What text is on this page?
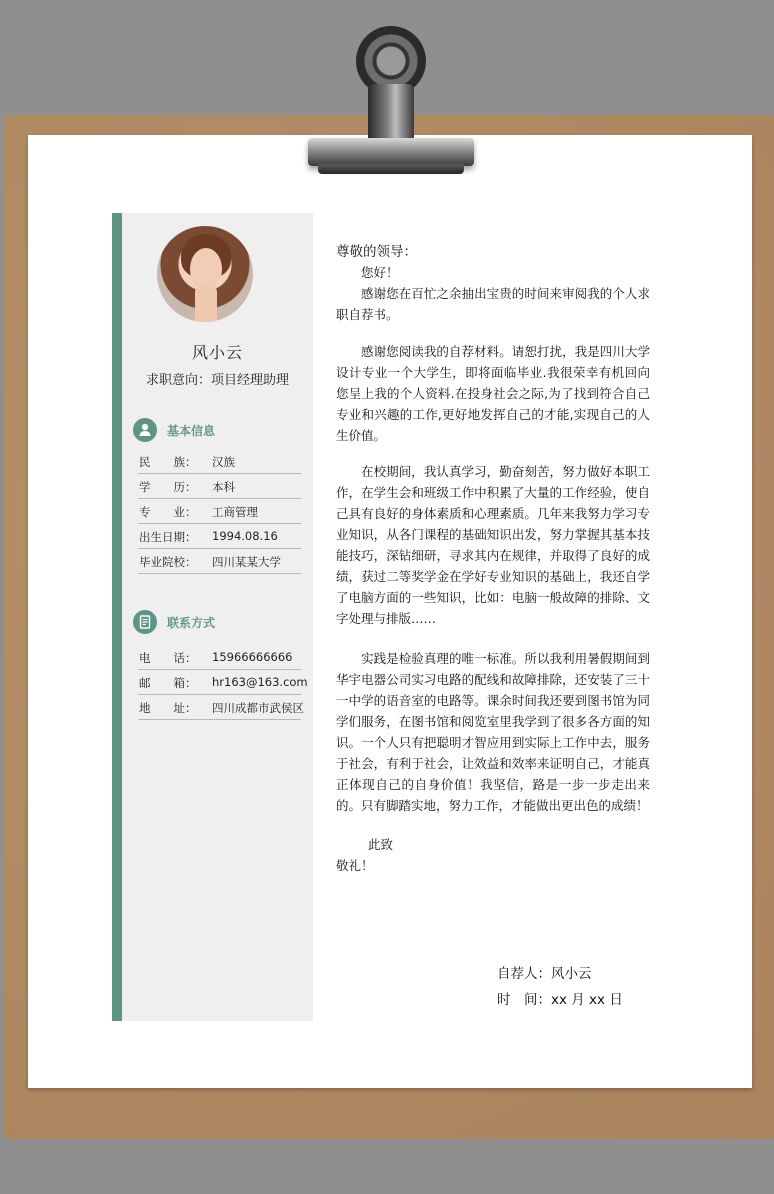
风小云
求职意向：项目经理助理
基本信息
民　　族： 汉族
学　　历： 本科
专　　业： 工商管理
出生日期： 1994.08.16
毕业院校： 四川某某大学
联系方式
电　　话： 15966666666
邮　　箱： hr163@163.com
地　　址： 四川成都市武侯区
尊敬的领导：
您好！
感谢您在百忙之余抽出宝贵的时间来审阅我的个人求职自荐书。
感谢您阅读我的自荐材料。请恕打扰，我是四川大学设计专业一个大学生，即将面临毕业.我很荣幸有机回向您呈上我的个人资料.在投身社会之际,为了找到符合自己专业和兴趣的工作,更好地发挥自己的才能,实现自己的人生价值。
在校期间，我认真学习，勤奋刻苦，努力做好本职工作，在学生会和班级工作中积累了大量的工作经验，使自己具有良好的身体素质和心理素质。几年来我努力学习专业知识，从各门课程的基础知识出发，努力掌握其基本技能技巧，深钻细研，寻求其内在规律，并取得了良好的成绩，获过二等奖学金在学好专业知识的基础上，我还自学了电脑方面的一些知识，比如：电脑一般故障的排除、文字处理与排版……
实践是检验真理的唯一标准。所以我利用暑假期间到华宇电器公司实习电路的配线和故障排除，还安装了三十一中学的语音室的电路等。课余时间我还要到图书馆为同学们服务，在图书馆和阅览室里我学到了很多各方面的知识。一个人只有把聪明才智应用到实际上工作中去，服务于社会，有利于社会，让效益和效率来证明自己，才能真正体现自己的自身价值！我坚信，路是一步一步走出来的。只有脚踏实地，努力工作，才能做出更出色的成绩！
此致
敬礼！
自荐人：风小云
时　间：xx 月 xx 日
